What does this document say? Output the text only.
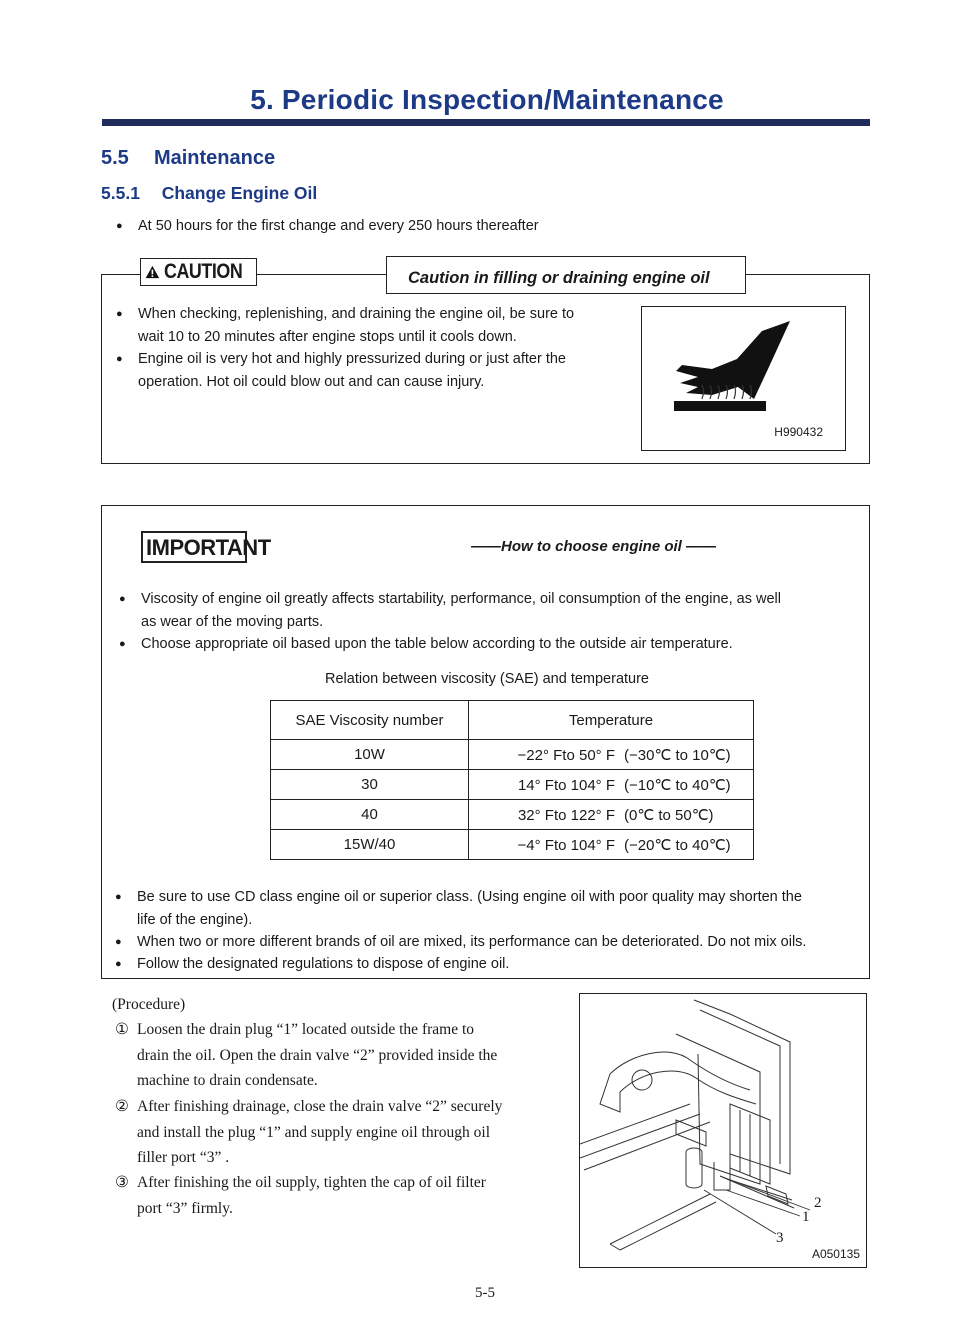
5. Periodic Inspection/Maintenance
5.5 Maintenance
5.5.1 Change Engine Oil
● At 50 hours for the first change and every 250 hours thereafter
CAUTION	Caution in filling or draining engine oil
● When checking, replenishing, and draining the engine oil, be sure to
wait 10 to 20 minutes after engine stops until it cools down.
● Engine oil is very hot and highly pressurized during or just after the
operation. Hot oil could blow out and can cause injury.
H990432
IMPORTANT	——How to choose engine oil ——
● Viscosity of engine oil greatly affects startability, performance, oil consumption of the engine, as well
as wear of the moving parts.
● Choose appropriate oil based upon the table below according to the outside air temperature.
Relation between viscosity (SAE) and temperature
SAE Viscosity number	Temperature
10W	−22° Fto 50° F (−30℃ to 10℃)
30	14° Fto 104° F (−10℃ to 40℃)
40	32° Fto 122° F (0℃ to 50℃)
15W/40	−4° Fto 104° F (−20℃ to 40℃)
● Be sure to use CD class engine oil or superior class. (Using engine oil with poor quality may shorten the
life of the engine).
● When two or more different brands of oil are mixed, its performance can be deteriorated. Do not mix oils.
● Follow the designated regulations to dispose of engine oil.
(Procedure)
① Loosen the drain plug “1” located outside the frame to
drain the oil. Open the drain valve “2” provided inside the
machine to drain condensate.
② After finishing drainage, close the drain valve “2” securely
and install the plug “1” and supply engine oil through oil
filler port “3” .
③ After finishing the oil supply, tighten the cap of oil filter
port “3” firmly.	2
1
3
A050135
5-5
